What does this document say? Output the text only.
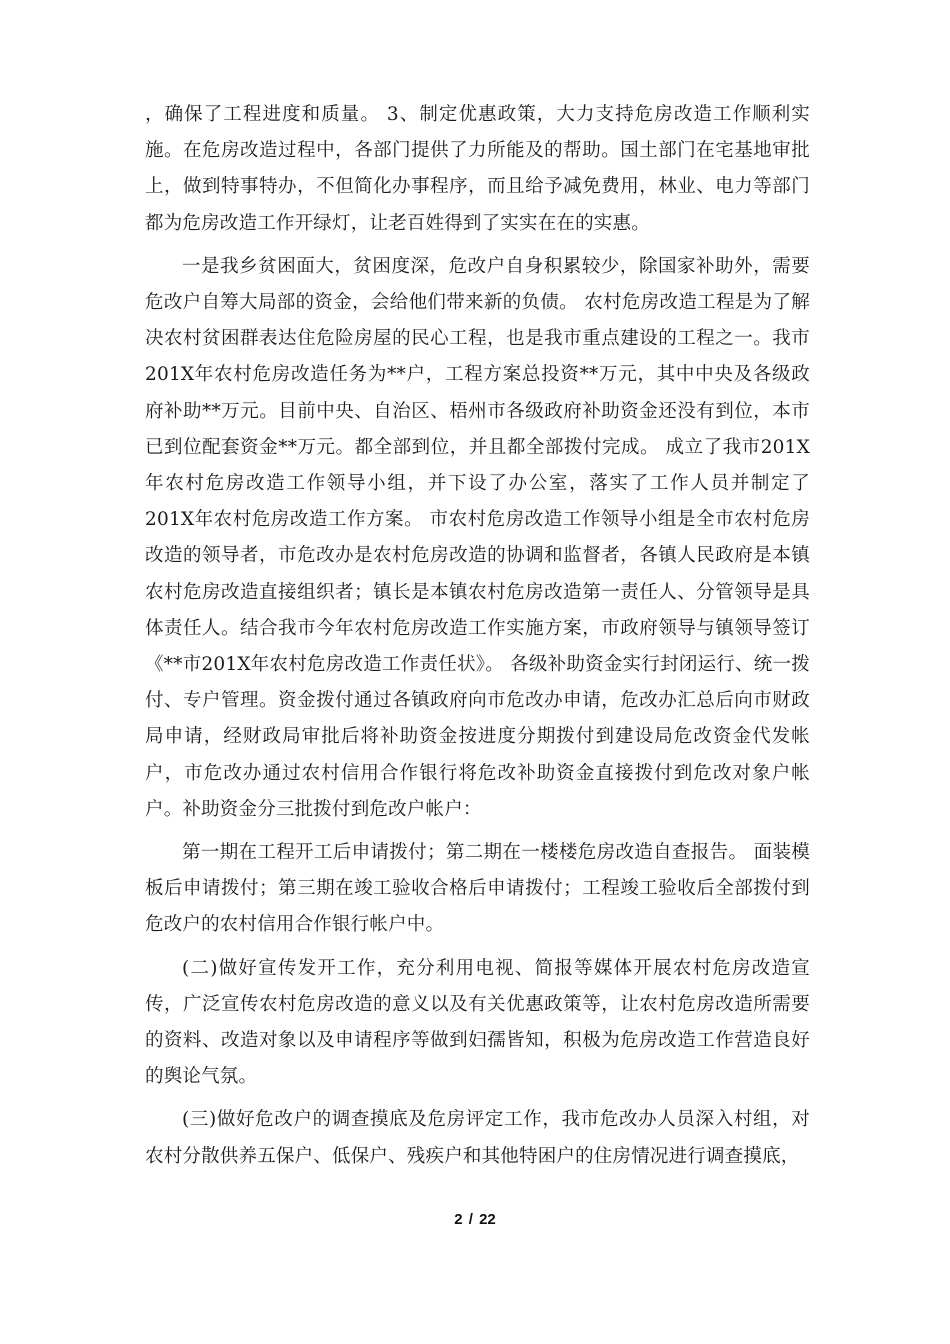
，确保了工程进度和质量。 3、制定优惠政策，大力支持危房改造工作顺利实施。在危房改造过程中，各部门提供了力所能及的帮助。国土部门在宅基地审批上，做到特事特办，不但简化办事程序，而且给予减免费用，林业、电力等部门都为危房改造工作开绿灯，让老百姓得到了实实在在的实惠。

一是我乡贫困面大，贫困度深，危改户自身积累较少，除国家补助外，需要危改户自筹大局部的资金，会给他们带来新的负债。 农村危房改造工程是为了解决农村贫困群表达住危险房屋的民心工程，也是我市重点建设的工程之一。我市201X年农村危房改造任务为**户，工程方案总投资**万元，其中中央及各级政府补助**万元。目前中央、自治区、梧州市各级政府补助资金还没有到位，本市已到位配套资金**万元。都全部到位，并且都全部拨付完成。 成立了我市201X年农村危房改造工作领导小组，并下设了办公室，落实了工作人员并制定了201X年农村危房改造工作方案。 市农村危房改造工作领导小组是全市农村危房改造的领导者，市危改办是农村危房改造的协调和监督者，各镇人民政府是本镇农村危房改造直接组织者；镇长是本镇农村危房改造第一责任人、分管领导是具体责任人。结合我市今年农村危房改造工作实施方案，市政府领导与镇领导签订《**市201X年农村危房改造工作责任状》。 各级补助资金实行封闭运行、统一拨付、专户管理。资金拨付通过各镇政府向市危改办申请，危改办汇总后向市财政局申请，经财政局审批后将补助资金按进度分期拨付到建设局危改资金代发帐户，市危改办通过农村信用合作银行将危改补助资金直接拨付到危改对象户帐户。补助资金分三批拨付到危改户帐户：

第一期在工程开工后申请拨付；第二期在一楼楼危房改造自查报告。 面装模板后申请拨付；第三期在竣工验收合格后申请拨付；工程竣工验收后全部拨付到危改户的农村信用合作银行帐户中。

(二)做好宣传发开工作，充分利用电视、简报等媒体开展农村危房改造宣传，广泛宣传农村危房改造的意义以及有关优惠政策等，让农村危房改造所需要的资料、改造对象以及申请程序等做到妇孺皆知，积极为危房改造工作营造良好的舆论气氛。

(三)做好危改户的调查摸底及危房评定工作，我市危改办人员深入村组，对农村分散供养五保户、低保户、残疾户和其他特困户的住房情况进行调查摸底，

2 / 22
